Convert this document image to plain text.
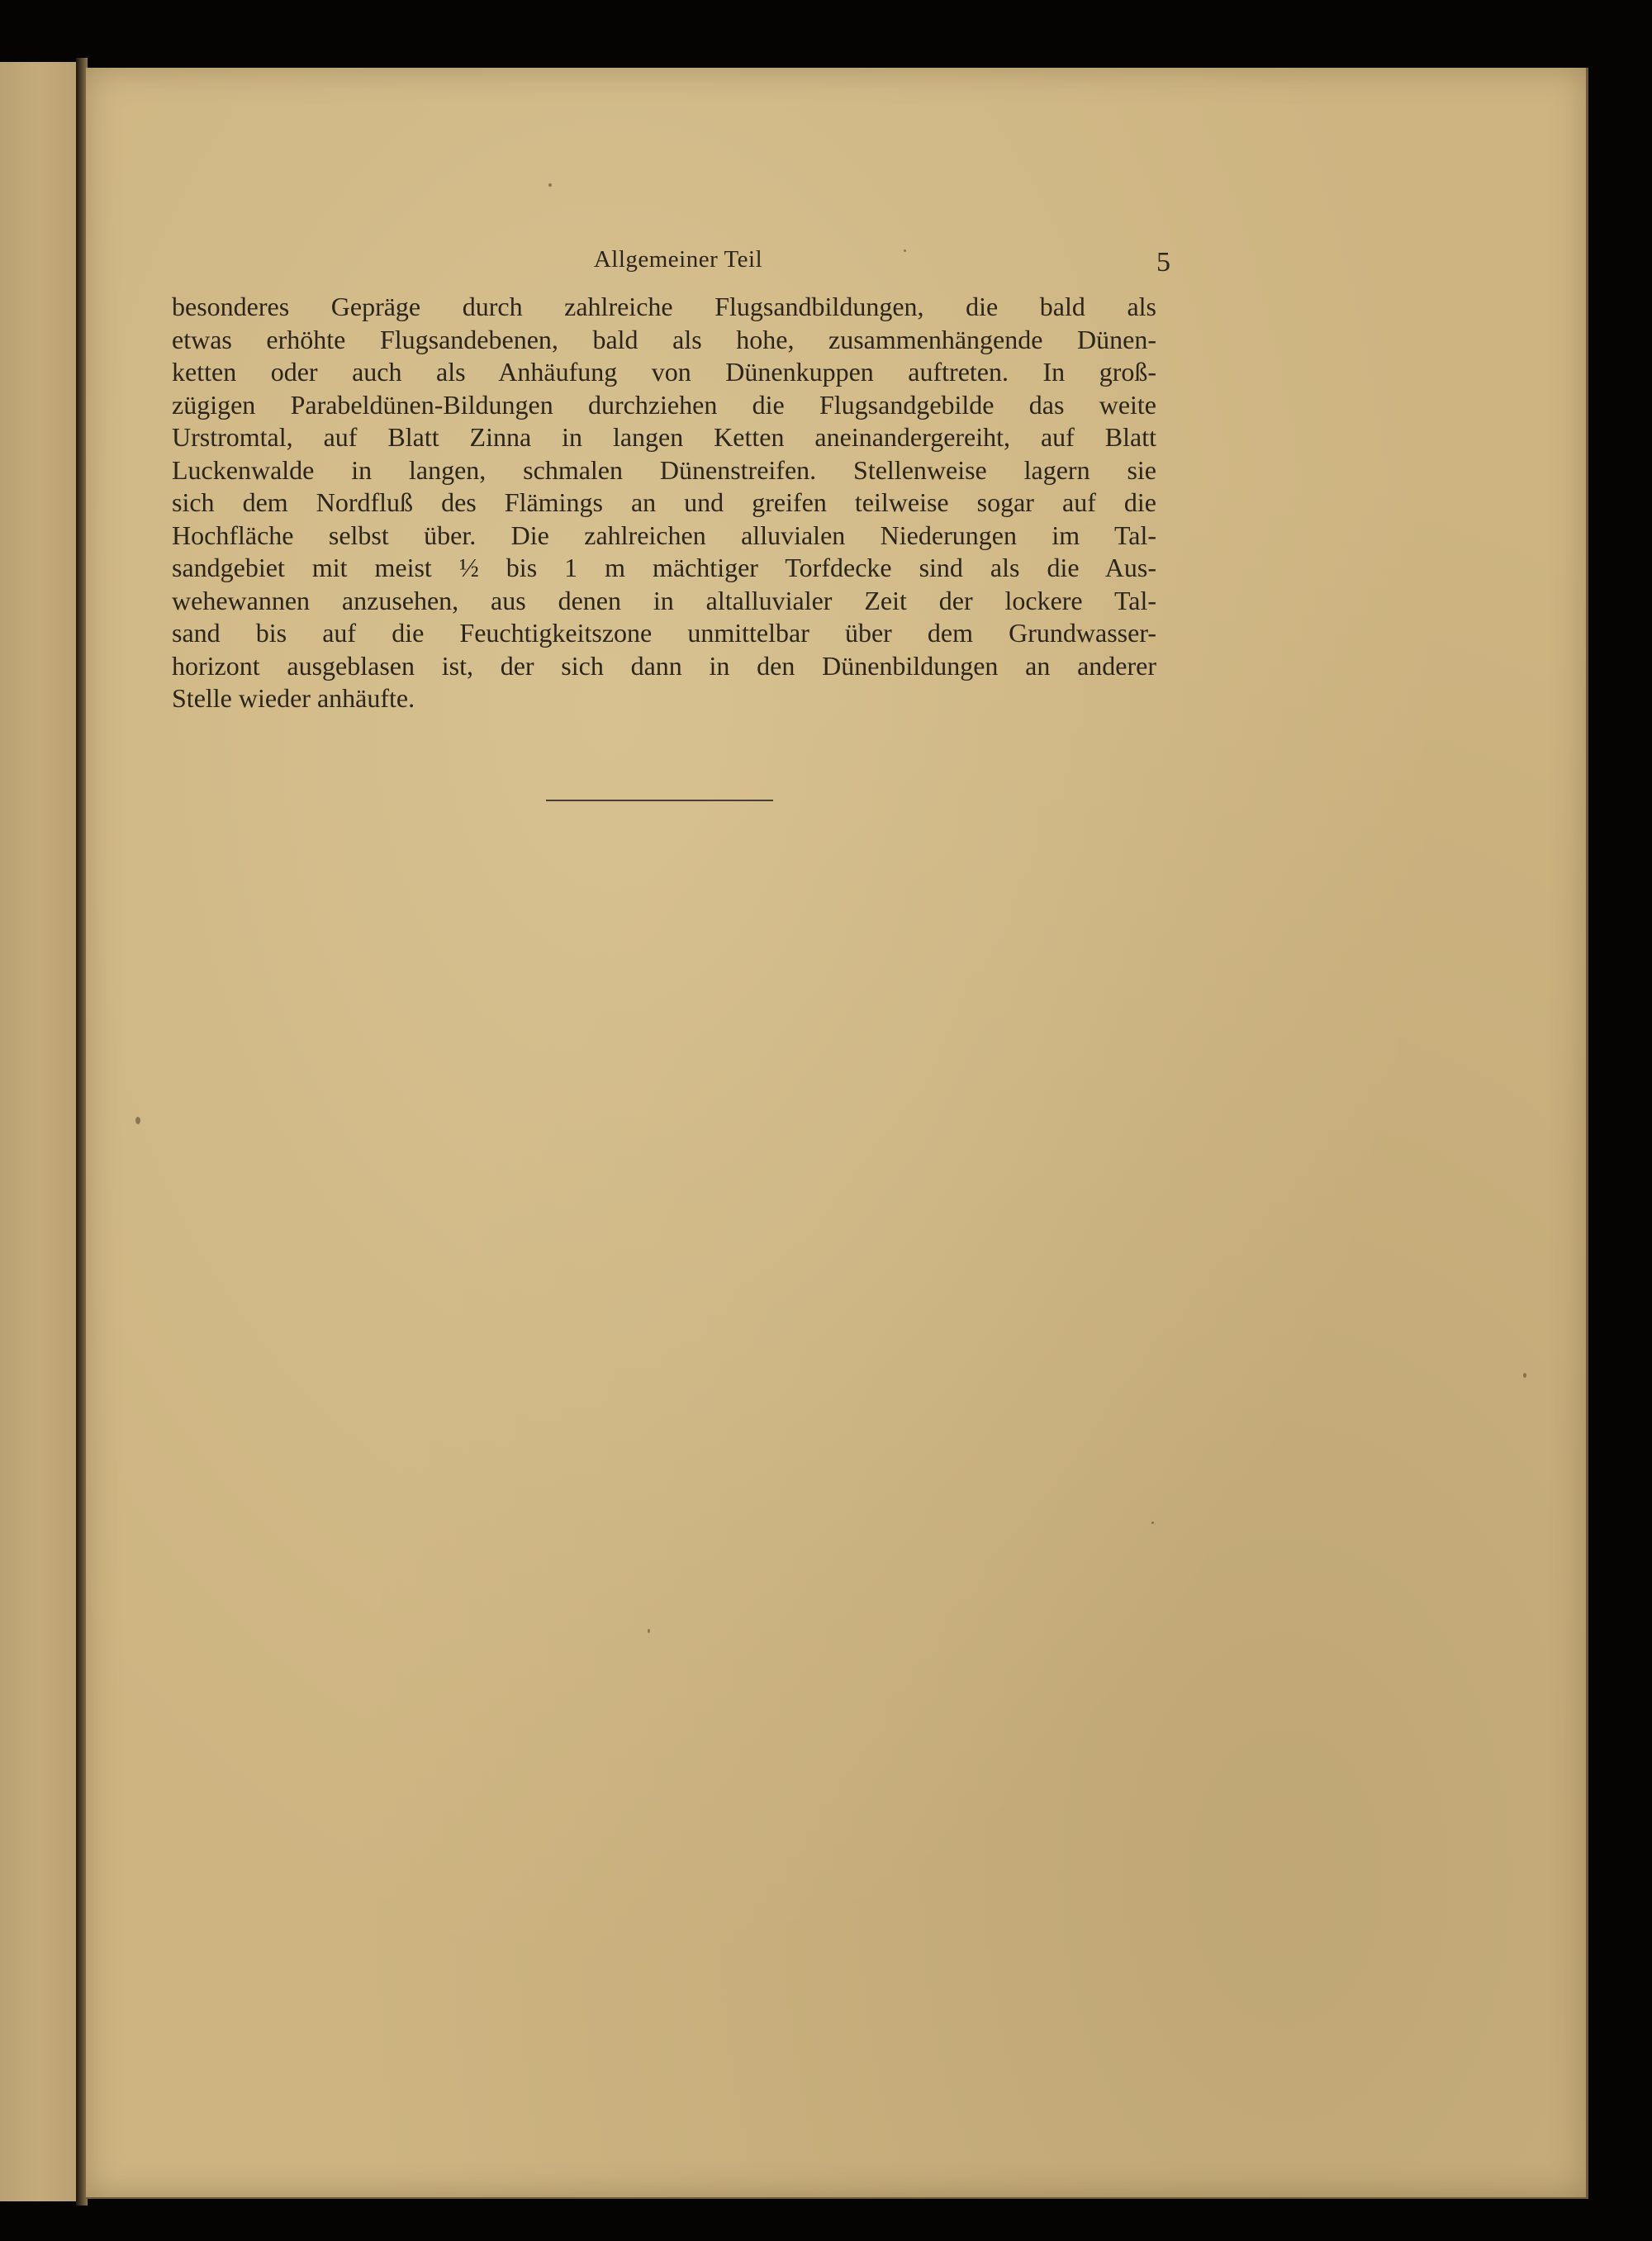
Allgemeiner Teil	5
besonderes Gepräge durch zahlreiche Flugsandbildungen, die bald als
etwas erhöhte Flugsandebenen, bald als hohe, zusammenhängende Dünen-
ketten oder auch als Anhäufung von Dünenkuppen auftreten. In groß-
zügigen Parabeldünen-Bildungen durchziehen die Flugsandgebilde das weite
Urstromtal, auf Blatt Zinna in langen Ketten aneinandergereiht, auf Blatt
Luckenwalde in langen, schmalen Dünenstreifen. Stellenweise lagern sie
sich dem Nordfluß des Flämings an und greifen teilweise sogar auf die
Hochfläche selbst über. Die zahlreichen alluvialen Niederungen im Tal-
sandgebiet mit meist ½ bis 1 m mächtiger Torfdecke sind als die Aus-
wehewannen anzusehen, aus denen in altalluvialer Zeit der lockere Tal-
sand bis auf die Feuchtigkeitszone unmittelbar über dem Grundwasser-
horizont ausgeblasen ist, der sich dann in den Dünenbildungen an anderer
Stelle wieder anhäufte.
